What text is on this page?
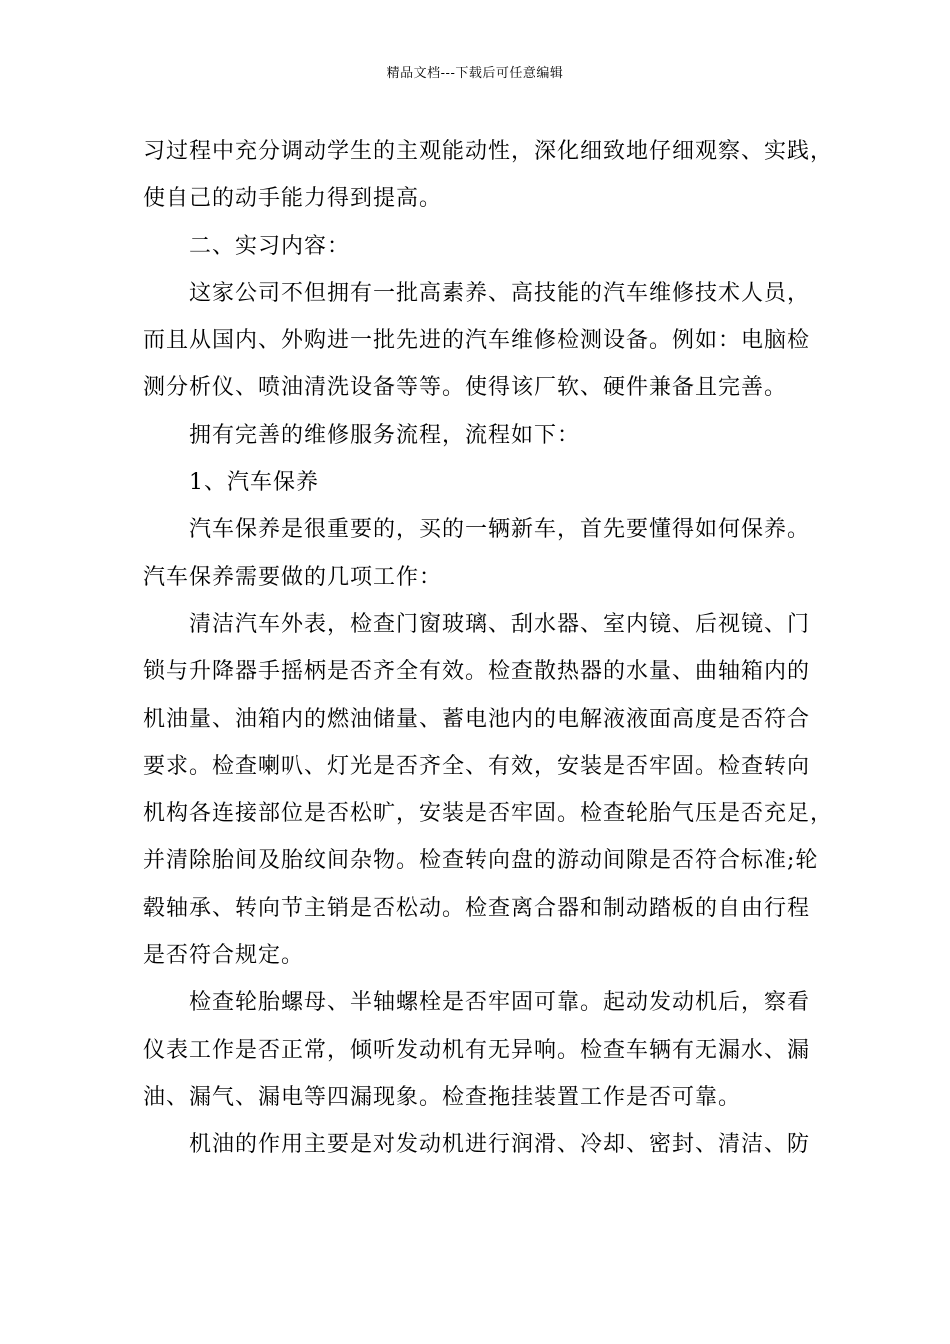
精品文档---下载后可任意编辑
习过程中充分调动学生的主观能动性，深化细致地仔细观察、实践，
使自己的动手能力得到提高。
二、实习内容：
这家公司不但拥有一批高素养、高技能的汽车维修技术人员，
而且从国内、外购进一批先进的汽车维修检测设备。例如：电脑检
测分析仪、喷油清洗设备等等。使得该厂软、硬件兼备且完善。
拥有完善的维修服务流程，流程如下：
1、汽车保养
汽车保养是很重要的，买的一辆新车，首先要懂得如何保养。
汽车保养需要做的几项工作：
清洁汽车外表，检查门窗玻璃、刮水器、室内镜、后视镜、门
锁与升降器手摇柄是否齐全有效。检查散热器的水量、曲轴箱内的
机油量、油箱内的燃油储量、蓄电池内的电解液液面高度是否符合
要求。检查喇叭、灯光是否齐全、有效，安装是否牢固。检查转向
机构各连接部位是否松旷，安装是否牢固。检查轮胎气压是否充足，
并清除胎间及胎纹间杂物。检查转向盘的游动间隙是否符合标准;轮
毂轴承、转向节主销是否松动。检查离合器和制动踏板的自由行程
是否符合规定。
检查轮胎螺母、半轴螺栓是否牢固可靠。起动发动机后，察看
仪表工作是否正常，倾听发动机有无异响。检查车辆有无漏水、漏
油、漏气、漏电等四漏现象。检查拖挂装置工作是否可靠。
机油的作用主要是对发动机进行润滑、冷却、密封、清洁、防
